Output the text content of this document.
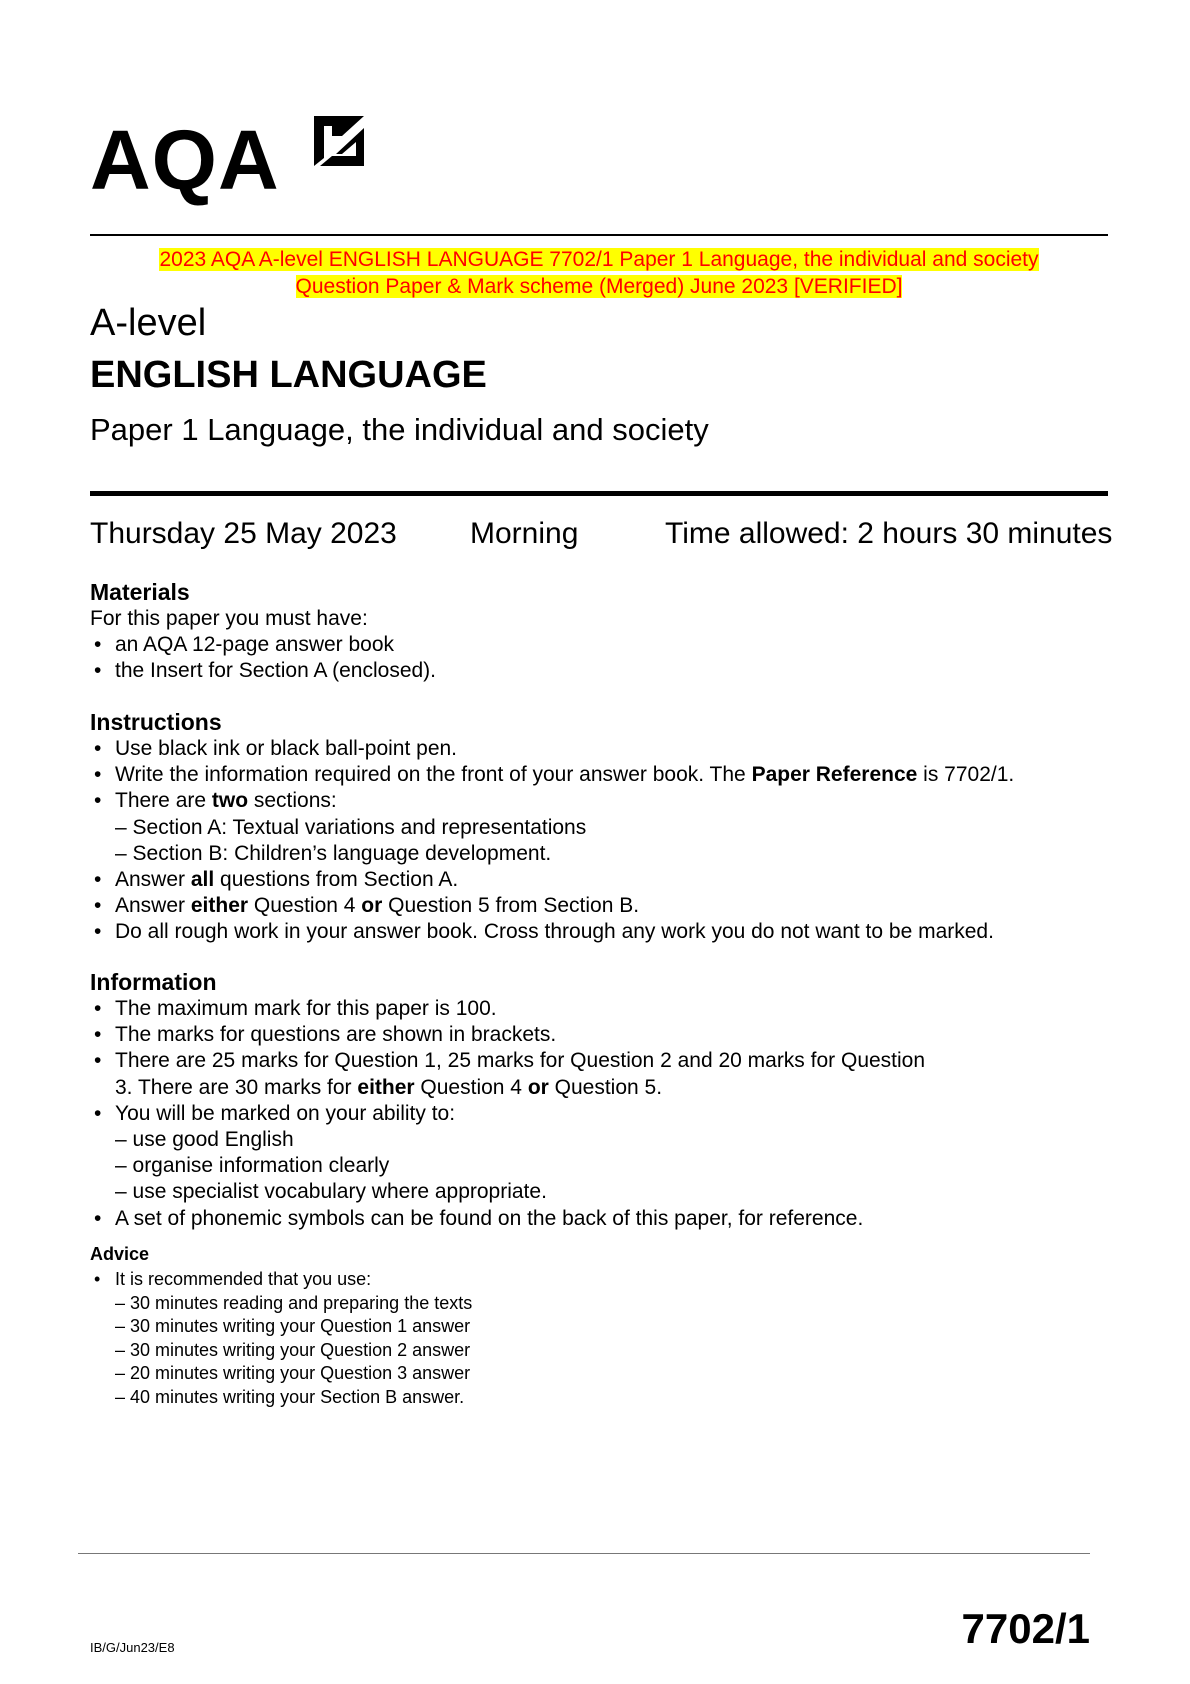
AQA
2023 AQA A-level ENGLISH LANGUAGE 7702/1 Paper 1 Language, the individual and society
Question Paper & Mark scheme (Merged) June 2023 [VERIFIED]
A-level
ENGLISH LANGUAGE
Paper 1 Language, the individual and society
Thursday 25 May 2023 Morning	Time allowed: 2 hours 30 minutes
Materials
For this paper you must have:
• an AQA 12-page answer book
• the Insert for Section A (enclosed).
Instructions
• Use black ink or black ball-point pen.
• Write the information required on the front of your answer book. The Paper Reference is 7702/1.
• There are two sections:
– Section A: Textual variations and representations
– Section B: Children’s language development.
• Answer all questions from Section A.
• Answer either Question 4 or Question 5 from Section B.
• Do all rough work in your answer book. Cross through any work you do not want to be marked.
Information
• The maximum mark for this paper is 100.
• The marks for questions are shown in brackets.
• There are 25 marks for Question 1, 25 marks for Question 2 and 20 marks for Question
3. There are 30 marks for either Question 4 or Question 5.
• You will be marked on your ability to:
– use good English
– organise information clearly
– use specialist vocabulary where appropriate.
• A set of phonemic symbols can be found on the back of this paper, for reference.
Advice
• It is recommended that you use:
– 30 minutes reading and preparing the texts
– 30 minutes writing your Question 1 answer
– 30 minutes writing your Question 2 answer
– 20 minutes writing your Question 3 answer
– 40 minutes writing your Section B answer.
IB/G/Jun23/E8	7702/1
